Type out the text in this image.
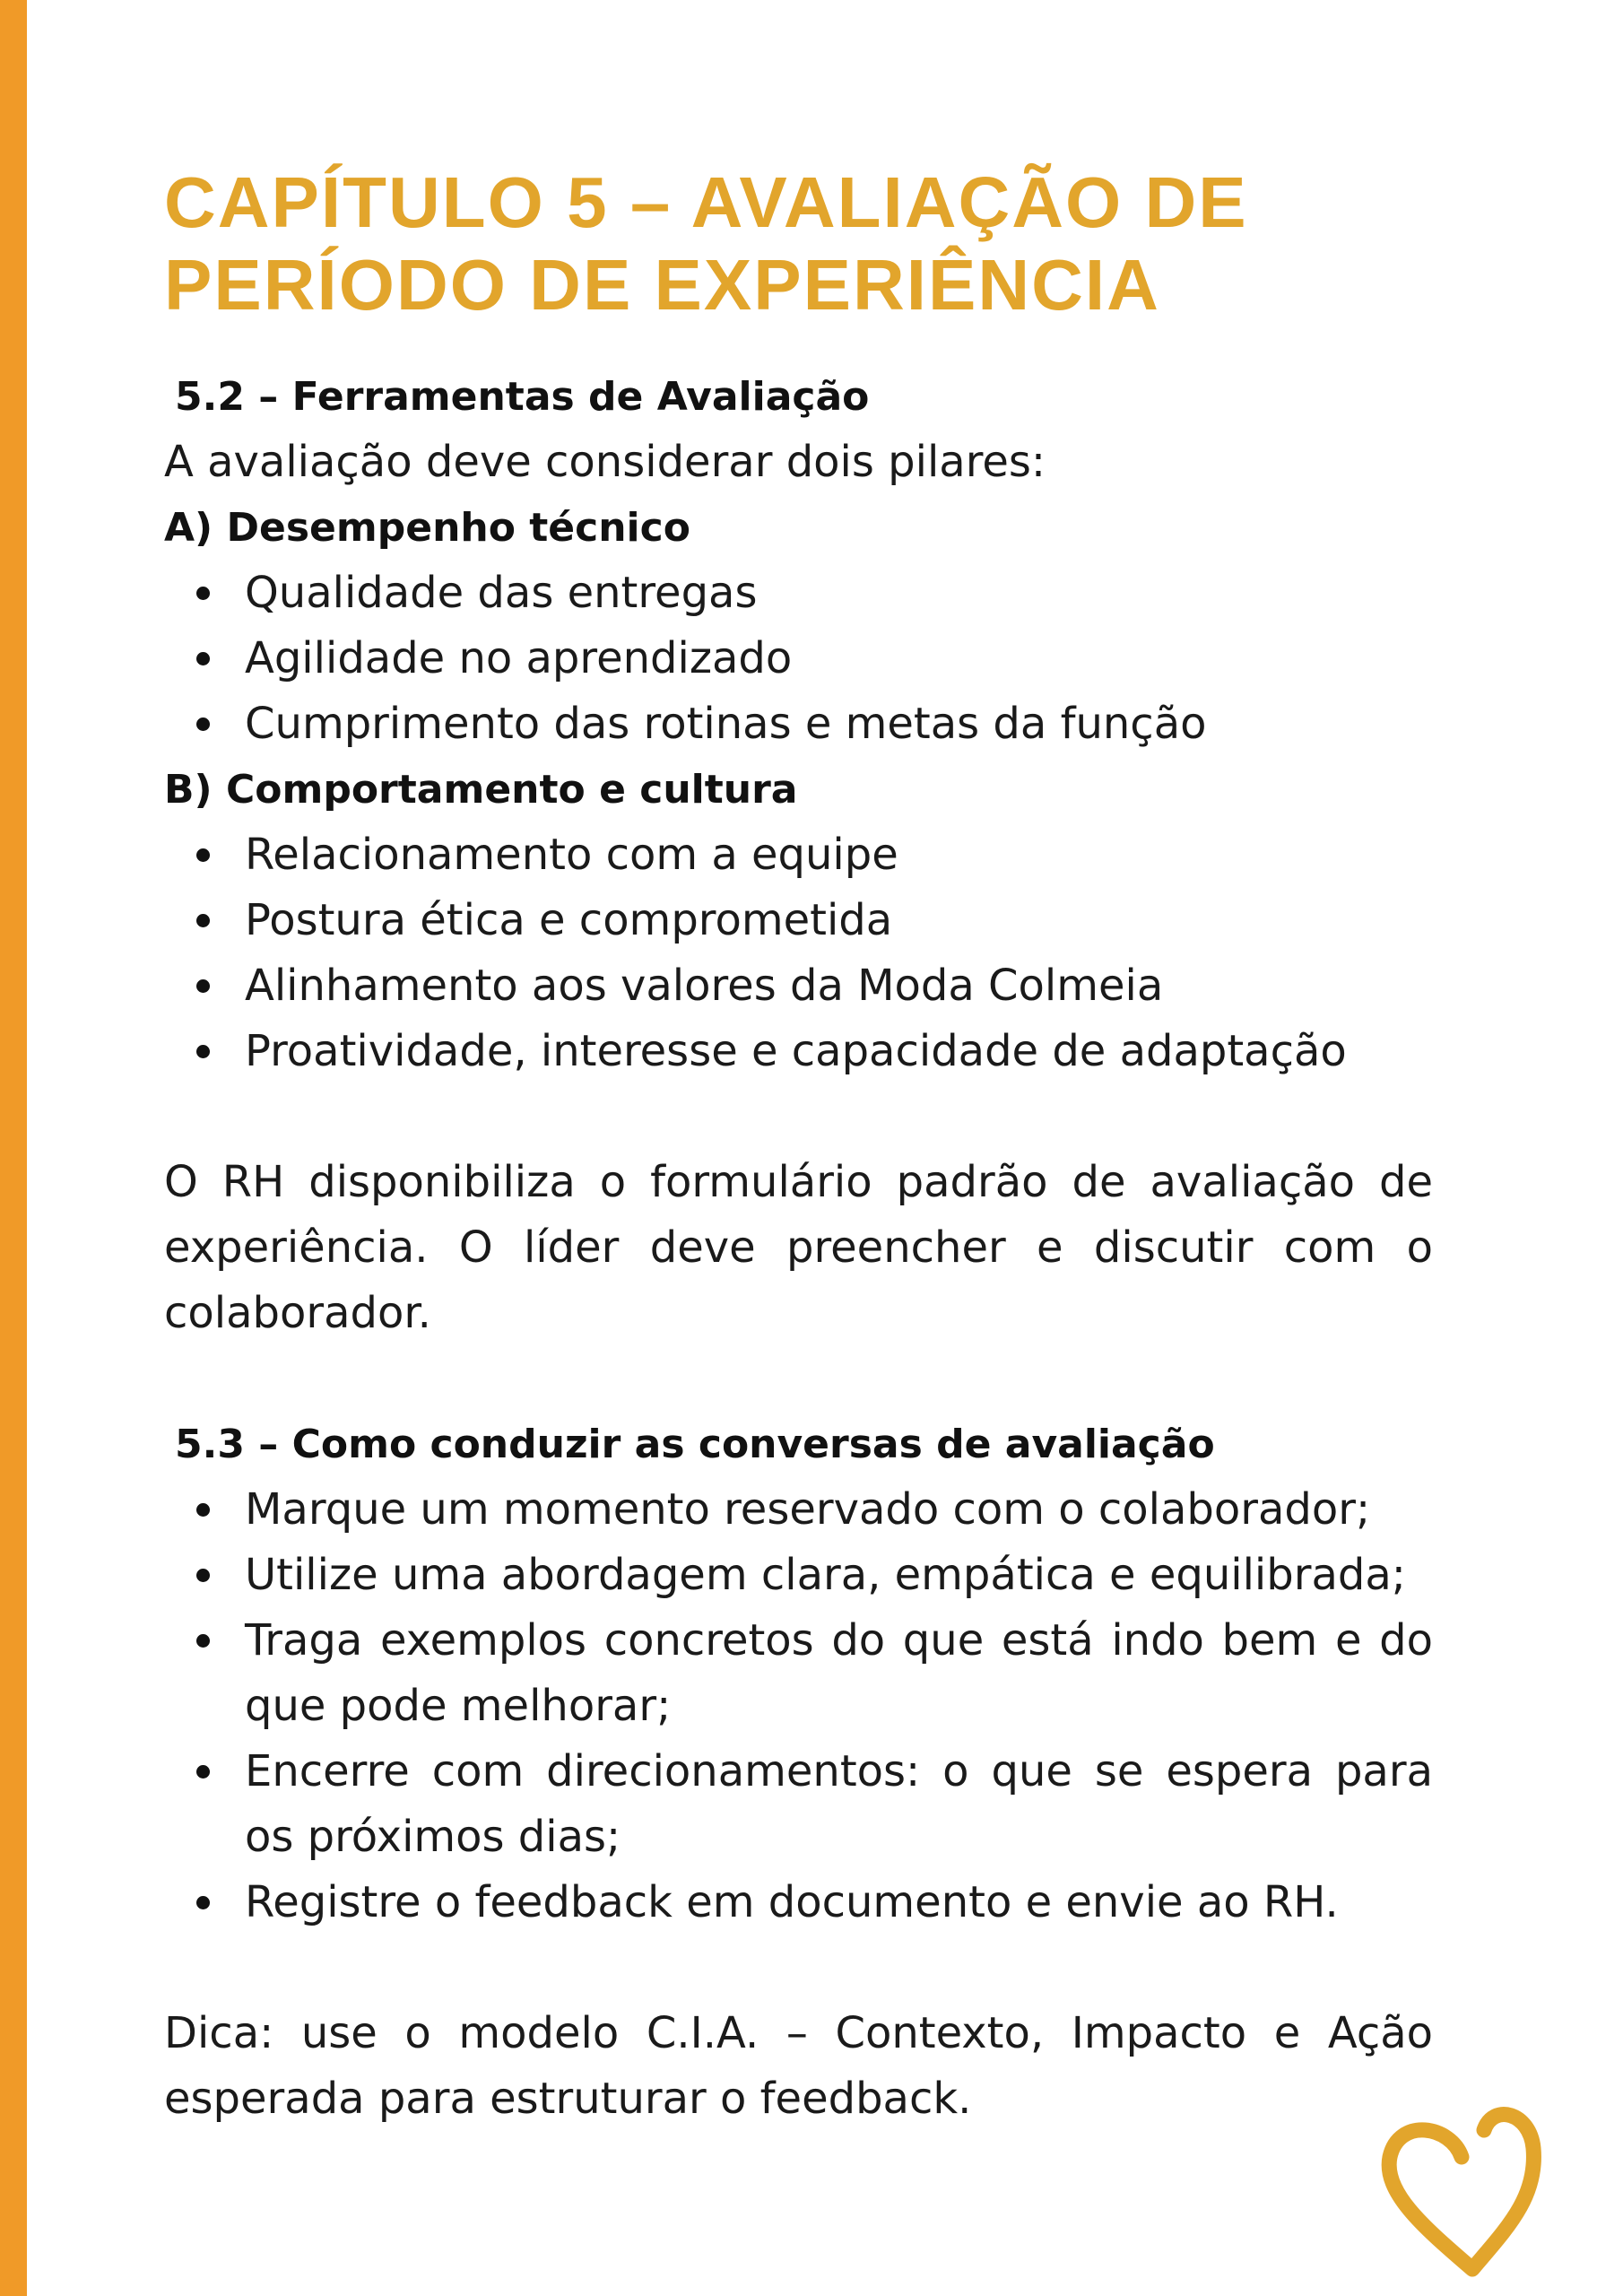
CAPÍTULO 5 – AVALIAÇÃO DE
PERÍODO DE EXPERIÊNCIA
5.2 – Ferramentas de Avaliação

A avaliação deve considerar dois pilares:

A) Desempenho técnico
Qualidade das entregas
Agilidade no aprendizado
Cumprimento das rotinas e metas da função
B) Comportamento e cultura
Relacionamento com a equipe
Postura ética e comprometida
Alinhamento aos valores da Moda Colmeia
Proatividade, interesse e capacidade de adaptação

O RH disponibiliza o formulário padrão de avaliação de experiência. O líder deve preencher e discutir com o colaborador.

5.3 – Como conduzir as conversas de avaliação
Marque um momento reservado com o colaborador;
Utilize uma abordagem clara, empática e equilibrada;
Traga exemplos concretos do que está indo bem e do que pode melhorar;
Encerre com direcionamentos: o que se espera para os próximos dias;
Registre o feedback em documento e envie ao RH.

Dica: use o modelo C.I.A. – Contexto, Impacto e Ação esperada para estruturar o feedback.
